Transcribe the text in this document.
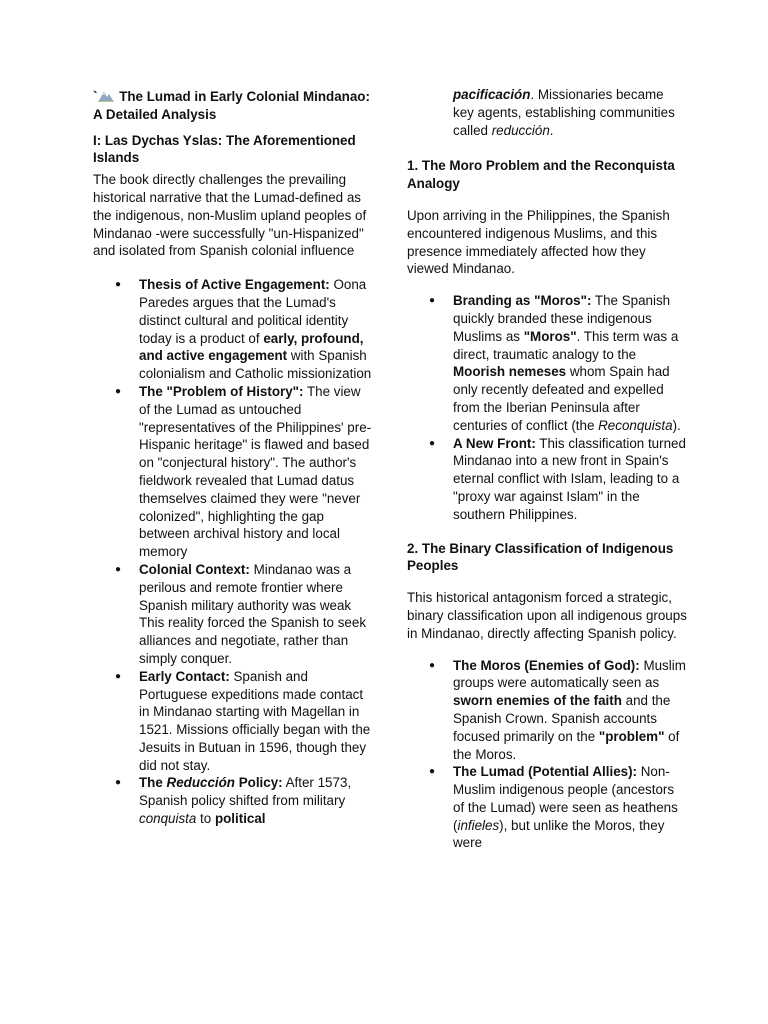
` The Lumad in Early Colonial Mindanao: A Detailed Analysis
I: Las Dychas Yslas: The Aforementioned Islands

The book directly challenges the prevailing historical narrative that the Lumad-defined as the indigenous, non-Muslim upland peoples of Mindanao -were successfully "un-Hispanized" and isolated from Spanish colonial influence

● Thesis of Active Engagement: Oona Paredes argues that the Lumad's distinct cultural and political identity today is a product of early, profound, and active engagement with Spanish colonialism and Catholic missionization
● The "Problem of History": The view of the Lumad as untouched "representatives of the Philippines' pre-Hispanic heritage" is flawed and based on "conjectural history". The author's fieldwork revealed that Lumad datus themselves claimed they were "never colonized", highlighting the gap between archival history and local memory
● Colonial Context: Mindanao was a perilous and remote frontier where Spanish military authority was weak This reality forced the Spanish to seek alliances and negotiate, rather than simply conquer.
● Early Contact: Spanish and Portuguese expeditions made contact in Mindanao starting with Magellan in 1521. Missions officially began with the Jesuits in Butuan in 1596, though they did not stay.
● The Reducción Policy: After 1573, Spanish policy shifted from military conquista to political

pacificación. Missionaries became key agents, establishing communities called reducción.

1. The Moro Problem and the Reconquista Analogy

Upon arriving in the Philippines, the Spanish encountered indigenous Muslims, and this presence immediately affected how they viewed Mindanao.

● Branding as "Moros": The Spanish quickly branded these indigenous Muslims as "Moros". This term was a direct, traumatic analogy to the Moorish nemeses whom Spain had only recently defeated and expelled from the Iberian Peninsula after centuries of conflict (the Reconquista).
● A New Front: This classification turned Mindanao into a new front in Spain's eternal conflict with Islam, leading to a "proxy war against Islam" in the southern Philippines.
2. The Binary Classification of Indigenous Peoples

This historical antagonism forced a strategic, binary classification upon all indigenous groups in Mindanao, directly affecting Spanish policy.

● The Moros (Enemies of God): Muslim groups were automatically seen as sworn enemies of the faith and the Spanish Crown. Spanish accounts focused primarily on the "problem" of the Moros.
● The Lumad (Potential Allies): Non-Muslim indigenous people (ancestors of the Lumad) were seen as heathens (infieles), but unlike the Moros, they were
